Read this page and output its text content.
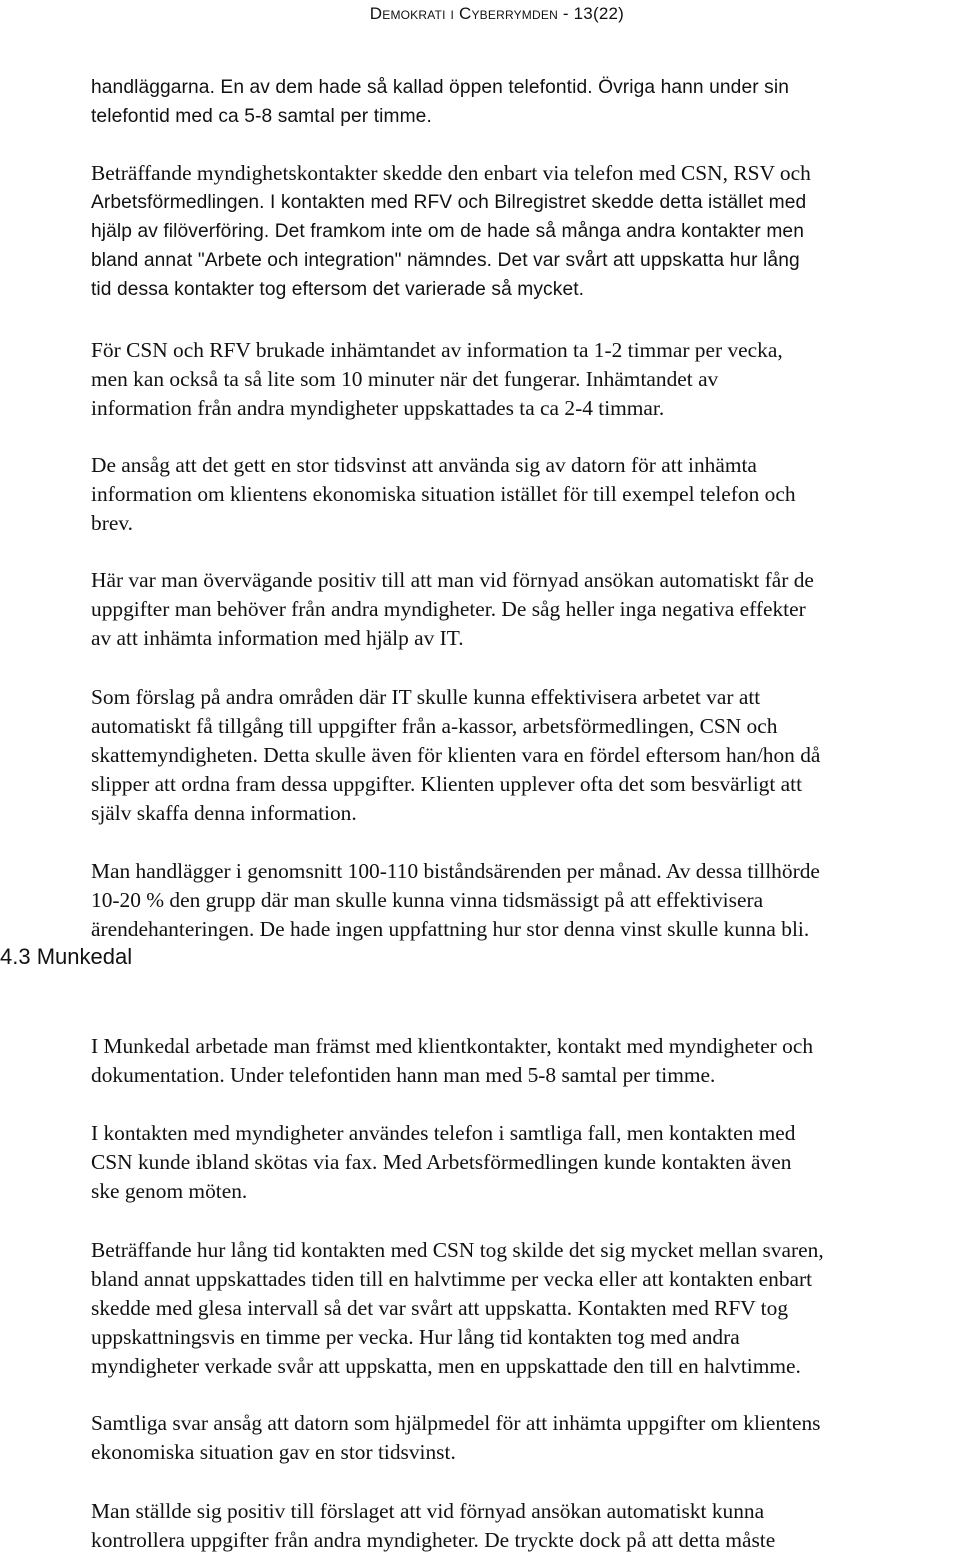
Demokrati i Cyberrymden - 13(22)
handläggarna. En av dem hade så kallad öppen telefontid. Övriga hann under sin
telefontid med ca 5-8 samtal per timme.
Beträffande myndighetskontakter skedde den enbart via telefon med CSN, RSV och
Arbetsförmedlingen. I kontakten med RFV och Bilregistret skedde detta istället med
hjälp av filöverföring. Det framkom inte om de hade så många andra kontakter men
bland annat "Arbete och integration" nämndes. Det var svårt att uppskatta hur lång
tid dessa kontakter tog eftersom det varierade så mycket.
För CSN och RFV brukade inhämtandet av information ta 1-2 timmar per vecka,
men kan också ta så lite som 10 minuter när det fungerar. Inhämtandet av
information från andra myndigheter uppskattades ta ca 2-4 timmar.
De ansåg att det gett en stor tidsvinst att använda sig av datorn för att inhämta
information om klientens ekonomiska situation istället för till exempel telefon och
brev.
Här var man övervägande positiv till att man vid förnyad ansökan automatiskt får de
uppgifter man behöver från andra myndigheter. De såg heller inga negativa effekter
av att inhämta information med hjälp av IT.
Som förslag på andra områden där IT skulle kunna effektivisera arbetet var att
automatiskt få tillgång till uppgifter från a-kassor, arbetsförmedlingen, CSN och
skattemyndigheten. Detta skulle även för klienten vara en fördel eftersom han/hon då
slipper att ordna fram dessa uppgifter. Klienten upplever ofta det som besvärligt att
själv skaffa denna information.
Man handlägger i genomsnitt 100-110 biståndsärenden per månad. Av dessa tillhörde
10-20 % den grupp där man skulle kunna vinna tidsmässigt på att effektivisera
ärendehanteringen. De hade ingen uppfattning hur stor denna vinst skulle kunna bli.
4.3 Munkedal
I Munkedal arbetade man främst med klientkontakter, kontakt med myndigheter och
dokumentation. Under telefontiden hann man med 5-8 samtal per timme.
I kontakten med myndigheter användes telefon i samtliga fall, men kontakten med
CSN kunde ibland skötas via fax. Med Arbetsförmedlingen kunde kontakten även
ske genom möten.
Beträffande hur lång tid kontakten med CSN tog skilde det sig mycket mellan svaren,
bland annat uppskattades tiden till en halvtimme per vecka eller att kontakten enbart
skedde med glesa intervall så det var svårt att uppskatta. Kontakten med RFV tog
uppskattningsvis en timme per vecka. Hur lång tid kontakten tog med andra
myndigheter verkade svår att uppskatta, men en uppskattade den till en halvtimme.
Samtliga svar ansåg att datorn som hjälpmedel för att inhämta uppgifter om klientens
ekonomiska situation gav en stor tidsvinst.
Man ställde sig positiv till förslaget att vid förnyad ansökan automatiskt kunna
kontrollera uppgifter från andra myndigheter. De tryckte dock på att detta måste
